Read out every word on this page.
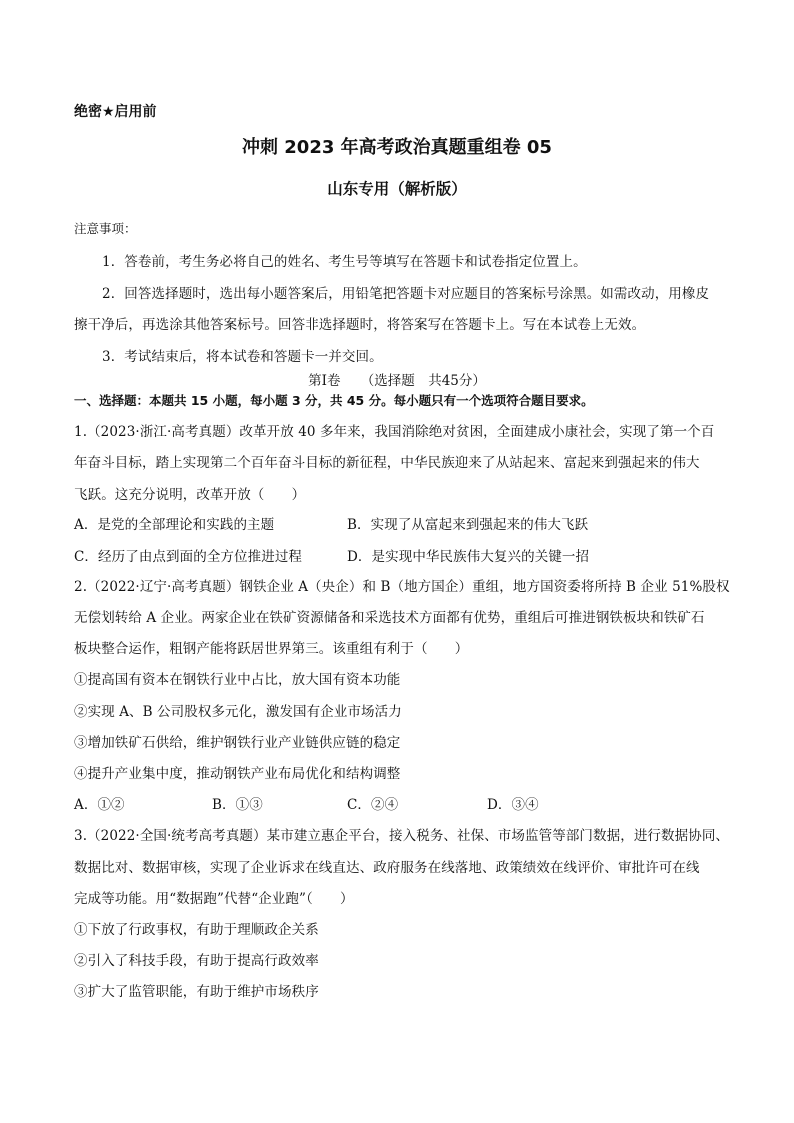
绝密★启用前
冲刺 2023 年高考政治真题重组卷 05
山东专用（解析版）
注意事项：
1．答卷前，考生务必将自己的姓名、考生号等填写在答题卡和试卷指定位置上。
2．回答选择题时，选出每小题答案后，用铅笔把答题卡对应题目的答案标号涂黑。如需改动，用橡皮
擦干净后，再选涂其他答案标号。回答非选择题时，将答案写在答题卡上。写在本试卷上无效。
3．考试结束后，将本试卷和答题卡一并交回。
第Ⅰ卷　　（选择题　共45分）
一、选择题：本题共 15 小题，每小题 3 分，共 45 分。每小题只有一个选项符合题目要求。
1.（2023·浙江·高考真题）改革开放 40 多年来，我国消除绝对贫困，全面建成小康社会，实现了第一个百
年奋斗目标，踏上实现第二个百年奋斗目标的新征程，中华民族迎来了从站起来、富起来到强起来的伟大
飞跃。这充分说明，改革开放（　　）
A．是党的全部理论和实践的主题	B．实现了从富起来到强起来的伟大飞跃
C．经历了由点到面的全方位推进过程	D．是实现中华民族伟大复兴的关键一招
2.（2022·辽宁·高考真题）钢铁企业 A（央企）和 B（地方国企）重组，地方国资委将所持 B 企业 51%股权
无偿划转给 A 企业。两家企业在铁矿资源储备和采选技术方面都有优势，重组后可推进钢铁板块和铁矿石
板块整合运作，粗钢产能将跃居世界第三。该重组有利于（　　）
①提高国有资本在钢铁行业中占比，放大国有资本功能
②实现 A、B 公司股权多元化，激发国有企业市场活力
③增加铁矿石供给，维护钢铁行业产业链供应链的稳定
④提升产业集中度，推动钢铁产业布局优化和结构调整
A．①②	B．①③	C．②④	D．③④
3.（2022·全国·统考高考真题）某市建立惠企平台，接入税务、社保、市场监管等部门数据，进行数据协同、
数据比对、数据审核，实现了企业诉求在线直达、政府服务在线落地、政策绩效在线评价、审批许可在线
完成等功能。用“数据跑”代替“企业跑”（　　）
①下放了行政事权，有助于理顺政企关系
②引入了科技手段，有助于提高行政效率
③扩大了监管职能，有助于维护市场秩序
